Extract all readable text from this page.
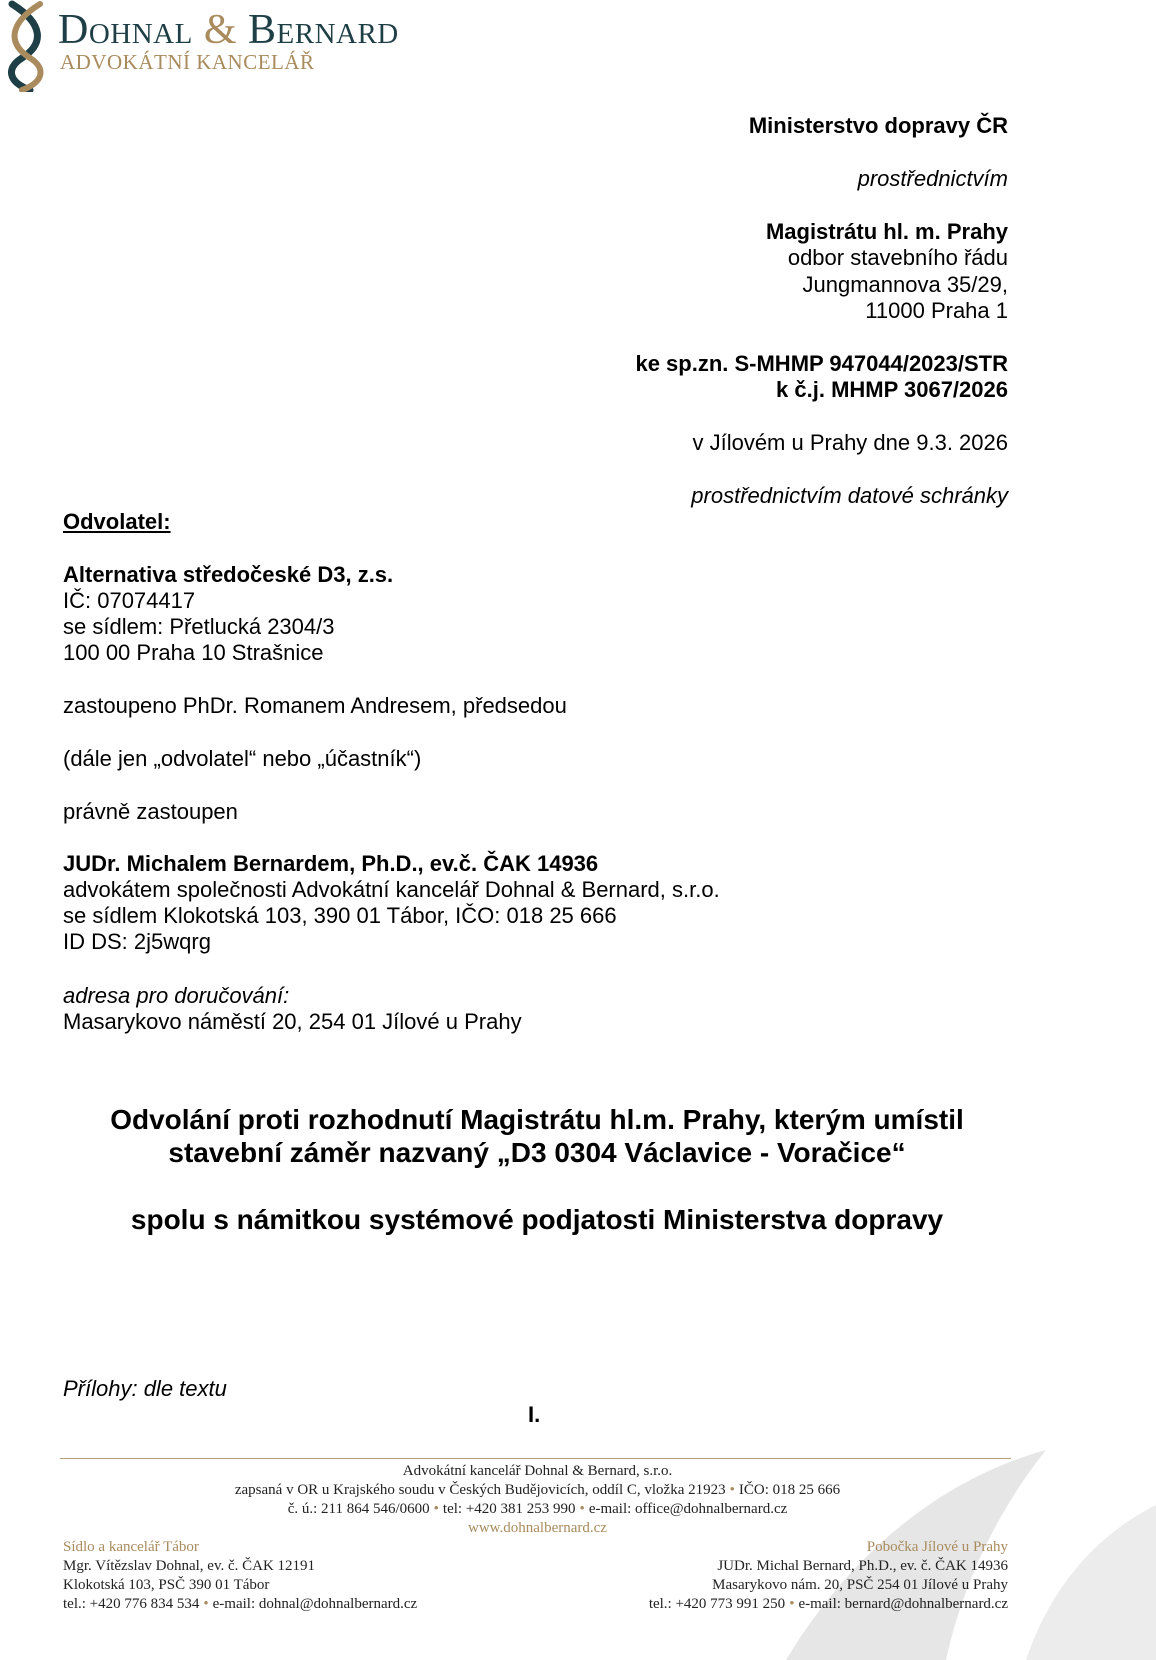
Dohnal & Bernard
ADVOKÁTNÍ KANCELÁŘ
Ministerstvo dopravy ČR
prostřednictvím
Magistrátu hl. m. Prahy
odbor stavebního řádu
Jungmannova 35/29,
11000 Praha 1
ke sp.zn. S-MHMP 947044/2023/STR
k č.j. MHMP 3067/2026
v Jílovém u Prahy dne 9.3. 2026
prostřednictvím datové schránky
Odvolatel:
Alternativa středočeské D3, z.s.
IČ: 07074417
se sídlem: Přetlucká 2304/3
100 00 Praha 10 Strašnice
zastoupeno PhDr. Romanem Andresem, předsedou
(dále jen „odvolatel“ nebo „účastník“)
právně zastoupen
JUDr. Michalem Bernardem, Ph.D., ev.č. ČAK 14936
advokátem společnosti Advokátní kancelář Dohnal & Bernard, s.r.o.
se sídlem Klokotská 103, 390 01 Tábor, IČO: 018 25 666
ID DS: 2j5wqrg
adresa pro doručování:
Masarykovo náměstí 20, 254 01 Jílové u Prahy
Odvolání proti rozhodnutí Magistrátu hl.m. Prahy, kterým umístil
stavební záměr nazvaný „D3 0304 Václavice - Voračice“
spolu s námitkou systémové podjatosti Ministerstva dopravy
Přílohy: dle textu
I.
Advokátní kancelář Dohnal & Bernard, s.r.o.
zapsaná v OR u Krajského soudu v Českých Budějovicích, oddíl C, vložka 21923 • IČO: 018 25 666
č. ú.: 211 864 546/0600 • tel: +420 381 253 990 • e-mail: office@dohnalbernard.cz
www.dohnalbernard.cz
Sídlo a kancelář Tábor
Mgr. Vítězslav Dohnal, ev. č. ČAK 12191
Klokotská 103, PSČ 390 01 Tábor
tel.: +420 776 834 534 • e-mail: dohnal@dohnalbernard.cz
Pobočka Jílové u Prahy
JUDr. Michal Bernard, Ph.D., ev. č. ČAK 14936
Masarykovo nám. 20, PSČ 254 01 Jílové u Prahy
tel.: +420 773 991 250 • e-mail: bernard@dohnalbernard.cz
